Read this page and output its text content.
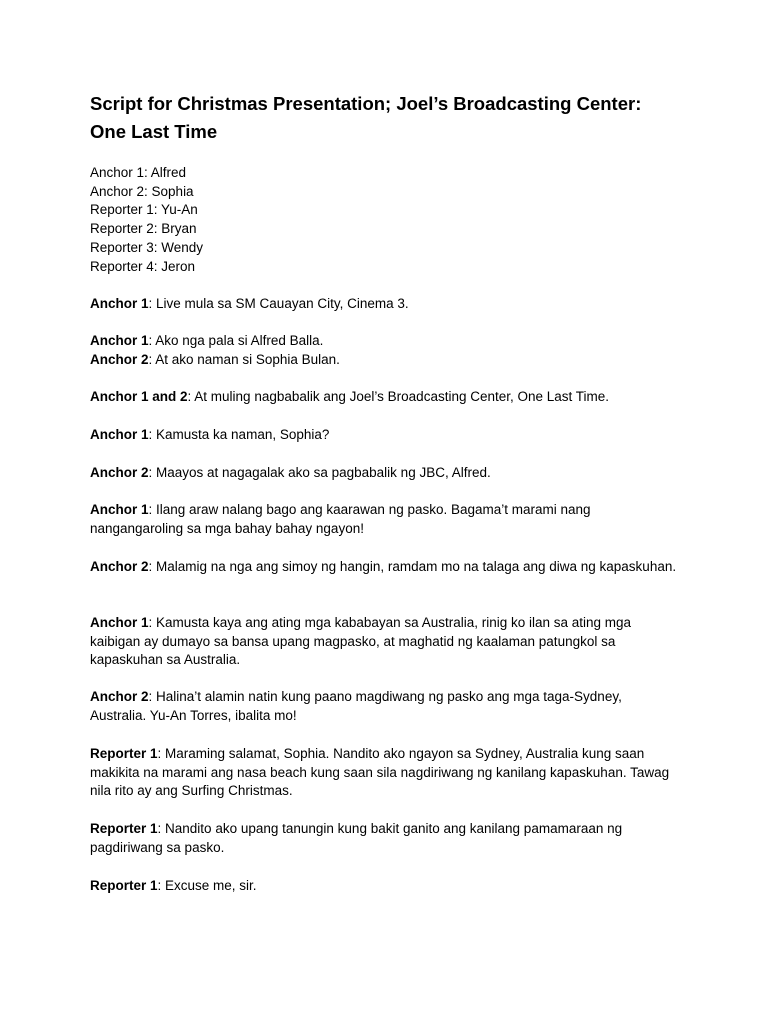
Script for Christmas Presentation; Joel’s Broadcasting Center: One Last Time
Anchor 1: Alfred
Anchor 2: Sophia
Reporter 1: Yu-An
Reporter 2: Bryan
Reporter 3: Wendy
Reporter 4: Jeron
Anchor 1: Live mula sa SM Cauayan City, Cinema 3.
Anchor 1: Ako nga pala si Alfred Balla.
Anchor 2: At ako naman si Sophia Bulan.
Anchor 1 and 2: At muling nagbabalik ang Joel’s Broadcasting Center, One Last Time.
Anchor 1: Kamusta ka naman, Sophia?
Anchor 2: Maayos at nagagalak ako sa pagbabalik ng JBC, Alfred.
Anchor 1: Ilang araw nalang bago ang kaarawan ng pasko. Bagama’t marami nang nangangaroling sa mga bahay bahay ngayon!
Anchor 2: Malamig na nga ang simoy ng hangin, ramdam mo na talaga ang diwa ng kapaskuhan.
Anchor 1: Kamusta kaya ang ating mga kababayan sa Australia, rinig ko ilan sa ating mga kaibigan ay dumayo sa bansa upang magpasko, at maghatid ng kaalaman patungkol sa kapaskuhan sa Australia.
Anchor 2: Halina’t alamin natin kung paano magdiwang ng pasko ang mga taga-Sydney, Australia. Yu-An Torres, ibalita mo!
Reporter 1: Maraming salamat, Sophia. Nandito ako ngayon sa Sydney, Australia kung saan makikita na marami ang nasa beach kung saan sila nagdiriwang ng kanilang kapaskuhan. Tawag nila rito ay ang Surfing Christmas.
Reporter 1: Nandito ako upang tanungin kung bakit ganito ang kanilang pamamaraan ng pagdiriwang sa pasko.
Reporter 1: Excuse me, sir.
